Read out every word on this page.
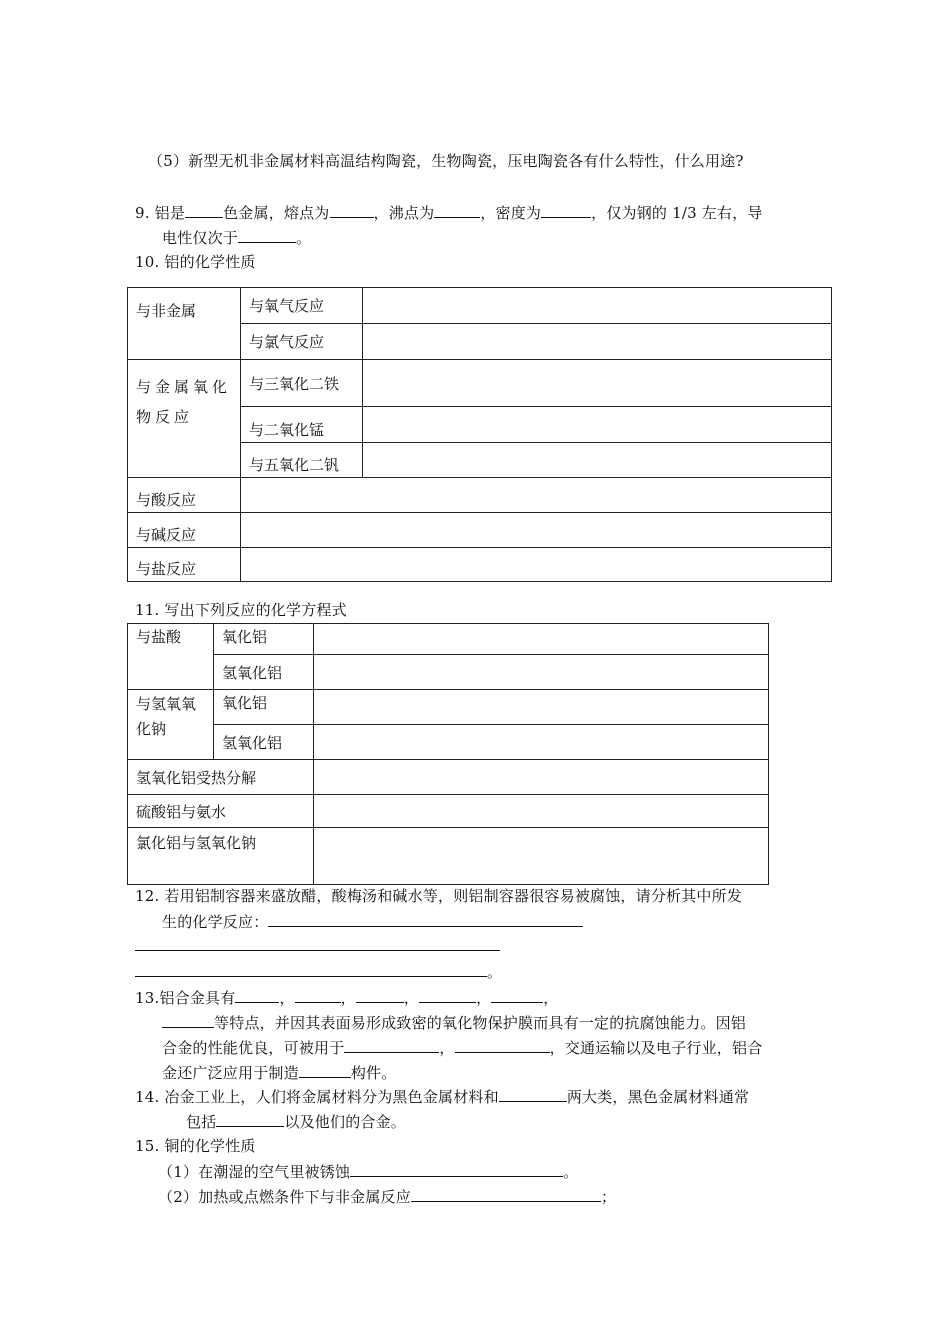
（5）新型无机非金属材料高温结构陶瓷，生物陶瓷，压电陶瓷各有什么特性，什么用途?
9. 铝是	色金属，熔点为	，沸点为	，密度为	，仅为钢的 1/3 左右，导
电性仅次于	。
10. 铝的化学性质
与非金属	与氧气反应	
	与氯气反应	
与金属氧化物反应	与三氧化二铁	
	与二氧化锰	
	与五氧化二钒	
与酸反应		
与碱反应		
与盐反应		
11. 写出下列反应的化学方程式
与盐酸	氧化铝	
	氢氧化铝	
与氢氧氧化钠	氧化铝	
	氢氧化铝	
氢氧化铝受热分解		
硫酸铝与氨水		
氯化铝与氢氧化钠		
12. 若用铝制容器来盛放醋，酸梅汤和碱水等，则铝制容器很容易被腐蚀，请分析其中所发
生的化学反应：
。
13.铝合金具有	，	，	，	，	，
等特点，并因其表面易形成致密的氧化物保护膜而具有一定的抗腐蚀能力。因铝
合金的性能优良，可被用于	，	，交通运输以及电子行业，铝合
金还广泛应用于制造	构件。
14. 冶金工业上，人们将金属材料分为黑色金属材料和	两大类，黑色金属材料通常
包括	以及他们的合金。
15. 铜的化学性质
（1）在潮湿的空气里被锈蚀	。
（2）加热或点燃条件下与非金属反应	；
